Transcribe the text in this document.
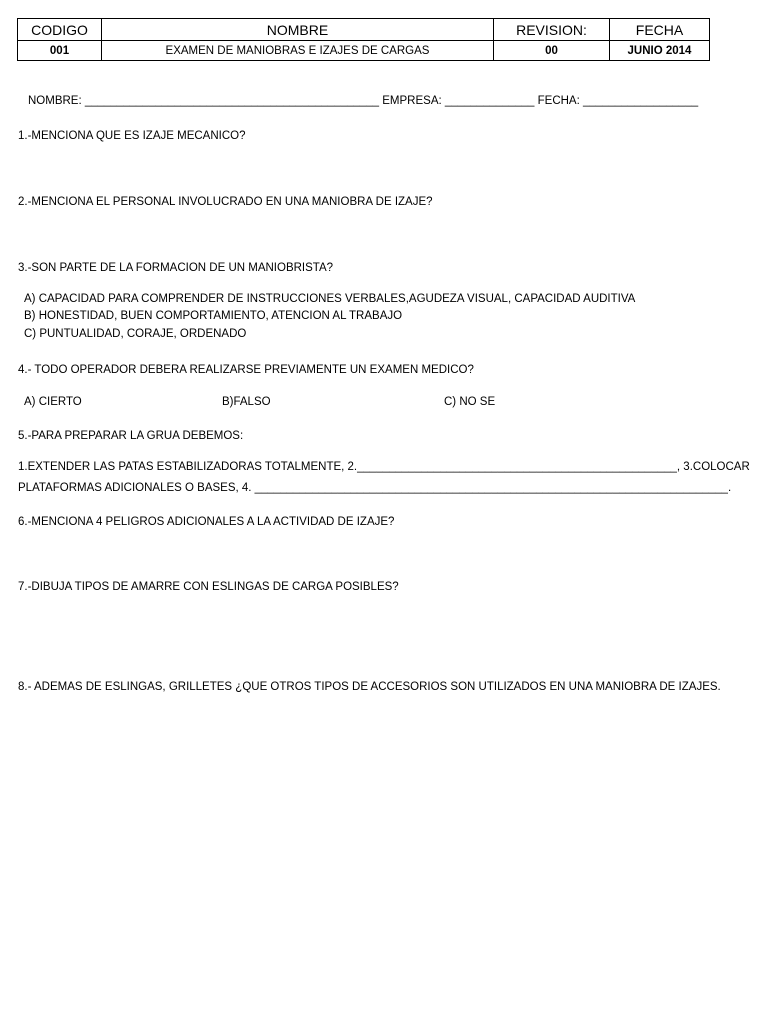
CODIGO	NOMBRE	REVISION:	FECHA
001	EXAMEN DE MANIOBRAS E IZAJES DE CARGAS	00	JUNIO 2014
NOMBRE: ______________________________________________ EMPRESA: ______________ FECHA: __________________
1.-MENCIONA QUE ES IZAJE MECANICO?
2.-MENCIONA EL PERSONAL INVOLUCRADO EN UNA MANIOBRA DE IZAJE?
3.-SON PARTE DE LA FORMACION DE UN MANIOBRISTA?
A) CAPACIDAD PARA COMPRENDER DE INSTRUCCIONES VERBALES,AGUDEZA VISUAL, CAPACIDAD AUDITIVA
B) HONESTIDAD, BUEN COMPORTAMIENTO, ATENCION AL TRABAJO
C) PUNTUALIDAD, CORAJE, ORDENADO
4.- TODO OPERADOR DEBERA REALIZARSE PREVIAMENTE UN EXAMEN MEDICO?
A) CIERTO	B)FALSO	C) NO SE
5.-PARA PREPARAR LA GRUA DEBEMOS:
1.EXTENDER LAS PATAS ESTABILIZADORAS TOTALMENTE, 2.__________________________________________________, 3.COLOCAR
PLATAFORMAS ADICIONALES O BASES, 4. __________________________________________________________________________.
6.-MENCIONA 4 PELIGROS ADICIONALES A LA ACTIVIDAD DE IZAJE?
7.-DIBUJA TIPOS DE AMARRE CON ESLINGAS DE CARGA POSIBLES?
8.- ADEMAS DE ESLINGAS, GRILLETES ¿QUE OTROS TIPOS DE ACCESORIOS SON UTILIZADOS EN UNA MANIOBRA DE IZAJES.
